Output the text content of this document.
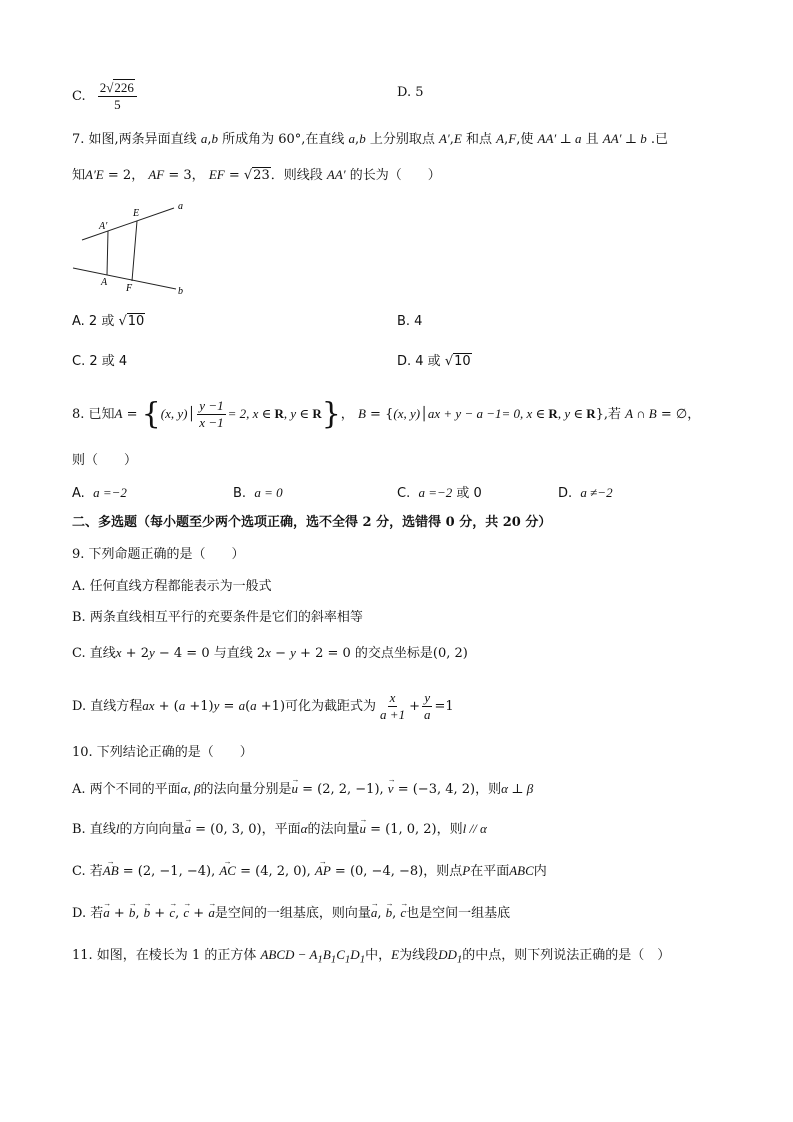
C. $\frac{2√226}{5}$	D. 5
7. 如图,两条异面直线 a,b 所成角为 60°,在直线 a,b 上分别取点 A′,E 和点 A,F,使 AA′ ⊥ a 且 AA′ ⊥ b .已
知A′E = 2， AF = 3， EF = √23．则线段 AA′ 的长为（　　）
a
b
A′
E
A
F
A. 2 或 √10	B. 4
C. 2 或 4	D. 4 或 √10
8. 已知A = {(x, y)│ $\frac{y -1}{x -1} = 2$, x ∈ R, y ∈ R}， B = {(x, y)│ax + y − a −1= 0, x ∈ R, y ∈ R},若 A ∩ B = ∅，
则（　　）
A. a =−2	B. a = 0	C. a =−2 或 0	D. a ≠−2
二、多选题（每小题至少两个选项正确，选不全得 2 分，选错得 0 分，共 20 分）
9. 下列命题正确的是（　　）
A. 任何直线方程都能表示为一般式
B. 两条直线相互平行的充要条件是它们的斜率相等
C. 直线x + 2y − 4 = 0 与直线 2x − y + 2 = 0 的交点坐标是(0, 2)
D. 直线方程ax + (a +1)y = a(a +1)可化为截距式为 $\frac{x}{a +1} + \frac{y}{a} =1$
10. 下列结论正确的是（　　）
A. 两个不同的平面α, β的法向量分别是→ u = (2, 2, −1), → v = (−3, 4, 2)，则α ⊥ β
B. 直线l的方向向量→ a = (0, 3, 0)，平面α的法向量→ u = (1, 0, 2)，则l // α
C. 若→ AB = (2, −1, −4), → AC = (4, 2, 0), → AP = (0, −4, −8)，则点P在平面ABC内
D. 若→ a + → b, → b + → c, → c + → a是空间的一组基底，则向量→ a, → b, → c也是空间一组基底
11. 如图，在棱长为 1 的正方体 ABCD − $A_1B_1C_1D_1$中，E为线段$DD_1$的中点，则下列说法正确的是（　）
